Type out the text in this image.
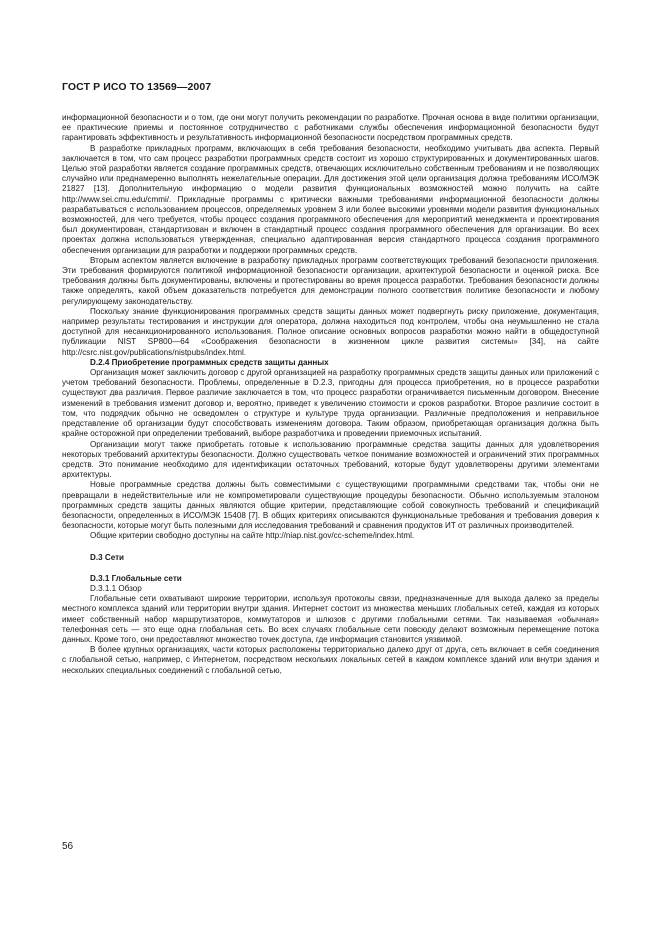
ГОСТ Р ИСО ТО 13569—2007

информационной безопасности и о том, где они могут получить рекомендации по разработке. Прочная основа в виде политики организации, ее практические приемы и постоянное сотрудничество с работниками службы обеспечения информационной безопасности будут гарантировать эффективность и результативность информационной безопасности посредством программных средств.

В разработке прикладных программ, включающих в себя требования безопасности, необходимо учитывать два аспекта. Первый заключается в том, что сам процесс разработки программных средств состоит из хорошо структурированных и документированных шагов. Целью этой разработки является создание программных средств, отвечающих исключительно собственным требованиям и не позволяющих случайно или преднамеренно выполнять нежелательные операции. Для достижения этой цели организация должна требованиям ИСО/МЭК 21827 [13]. Дополнительную информацию о модели развития функциональных возможностей можно получить на сайте http://www.sei.cmu.edu/cmmi/. Прикладные программы с критически важными требованиями информационной безопасности должны разрабатываться с использованием процессов, определяемых уровнем 3 или более высокими уровнями модели развития функциональных возможностей, для чего требуется, чтобы процесс создания программного обеспечения для мероприятий менеджмента и проектирования был документирован, стандартизован и включен в стандартный процесс создания программного обеспечения для организации. Во всех проектах должна использоваться утвержденная, специально адаптированная версия стандартного процесса создания программного обеспечения организации для разработки и поддержки программных средств.

Вторым аспектом является включение в разработку прикладных программ соответствующих требований безопасности приложения. Эти требования формируются политикой информационной безопасности организации, архитектурой безопасности и оценкой риска. Все требования должны быть документированы, включены и протестированы во время процесса разработки. Требования безопасности должны также определять, какой объем доказательств потребуется для демонстрации полного соответствия политике безопасности и любому регулирующему законодательству.

Поскольку знание функционирования программных средств защиты данных может подвергнуть риску приложение, документация, например результаты тестирования и инструкции для оператора, должна находиться под контролем, чтобы она неумышленно не стала доступной для несанкционированного использования. Полное описание основных вопросов разработки можно найти в общедоступной публикации NIST SP800—64 «Соображения безопасности в жизненном цикле развития системы» [34], на сайте http://csrc.nist.gov/publications/nistpubs/index.html.

D.2.4 Приобретение программных средств защиты данных

Организация может заключить договор с другой организацией на разработку программных средств защиты данных или приложений с учетом требований безопасности. Проблемы, определенные в D.2.3, пригодны для процесса приобретения, но в процессе разработки существуют два различия. Первое различие заключается в том, что процесс разработки ограничивается письменным договором. Внесение изменений в требования изменит договор и, вероятно, приведет к увеличению стоимости и сроков разработки. Второе различие состоит в том, что подрядчик обычно не осведомлен о структуре и культуре труда организации. Различные предположения и неправильное представление об организации будут способствовать изменениям договора. Таким образом, приобретающая организация должна быть крайне осторожной при определении требований, выборе разработчика и проведении приемочных испытаний.

Организации могут также приобретать готовые к использованию программные средства защиты данных для удовлетворения некоторых требований архитектуры безопасности. Должно существовать четкое понимание возможностей и ограничений этих программных средств. Это понимание необходимо для идентификации остаточных требований, которые будут удовлетворены другими элементами архитектуры.

Новые программные средства должны быть совместимыми с существующими программными средствами так, чтобы они не превращали в недействительные или не компрометировали существующие процедуры безопасности. Обычно используемым эталоном программных средств защиты данных являются общие критерии, представляющие собой совокупность требований и спецификаций безопасности, определенных в ИСО/МЭК 15408 [7]. В общих критериях описываются функциональные требования и требования доверия к безопасности, которые могут быть полезными для исследования требований и сравнения продуктов ИТ от различных производителей.

Общие критерии свободно доступны на сайте http://niap.nist.gov/cc-scheme/index.html.

D.3 Сети

D.3.1 Глобальные сети

D.3.1.1 Обзор

Глобальные сети охватывают широкие территории, используя протоколы связи, предназначенные для выхода далеко за пределы местного комплекса зданий или территории внутри здания. Интернет состоит из множества меньших глобальных сетей, каждая из которых имеет собственный набор маршрутизаторов, коммутаторов и шлюзов с другими глобальными сетями. Так называемая «обычная» телефонная сеть — это еще одна глобальная сеть. Во всех случаях глобальные сети повсюду делают возможным перемещение потока данных. Кроме того, они предоставляют множество точек доступа, где информация становится уязвимой.

В более крупных организациях, части которых расположены территориально далеко друг от друга, сеть включает в себя соединения с глобальной сетью, например, с Интернетом, посредством нескольких локальных сетей в каждом комплексе зданий или внутри здания и нескольких специальных соединений с глобальной сетью,

56
